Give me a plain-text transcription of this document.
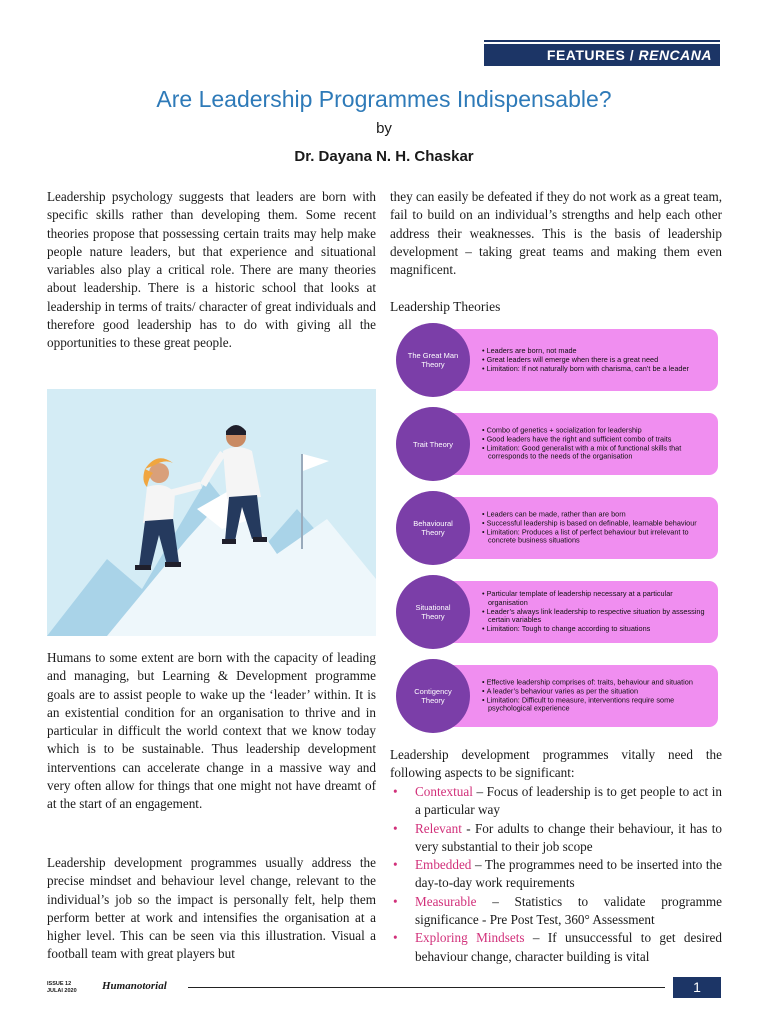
FEATURES / RENCANA
Are Leadership Programmes Indispensable?
by
Dr. Dayana N. H. Chaskar

Leadership psychology suggests that leaders are born with specific skills rather than developing them. Some recent theories propose that possessing certain traits may help make people nature leaders, but that experience and situational variables also play a critical role. There are many theories about leadership. There is a historic school that looks at leadership in terms of traits/ character of great individuals and therefore good leadership has to do with giving all the opportunities to these great people.

Humans to some extent are born with the capacity of leading and managing, but Learning & Development programme goals are to assist people to wake up the ‘leader’ within. It is an existential condition for an organisation to thrive and in particular in difficult the world context that we know today which is to be sustainable. Thus leadership development interventions can accelerate change in a massive way and very often allow for things that one might not have dreamt of at the start of an engagement.

Leadership development programmes usually address the precise mindset and behaviour level change, relevant to the individual’s job so the impact is personally felt, help them perform better at work and intensifies the organisation at a higher level. This can be seen via this illustration. Visual a football team with great players but

they can easily be defeated if they do not work as a great team, fail to build on an individual’s strengths and help each other address their weaknesses. This is the basis of leadership development – taking great teams and making them even magnificent.

Leadership Theories
The Great Man Theory
• Leaders are born, not made
• Great leaders will emerge when there is a great need
• Limitation: If not naturally born with charisma, can’t be a leader
Trait Theory
• Combo of genetics + socialization for leadership
• Good leaders have the right and sufficient combo of traits
• Limitation: Good generalist with a mix of functional skills that corresponds to the needs of the organisation
Behavioural Theory
• Leaders can be made, rather than are born
• Successful leadership is based on definable, learnable behaviour
• Limitation: Produces a list of perfect behaviour but irrelevant to concrete business situations
Situational Theory
• Particular template of leadership necessary at a particular organisation
• Leader’s always link leadership to respective situation by assessing certain variables
• Limitation: Tough to change according to situations
Contigency Theory
• Effective leadership comprises of: traits, behaviour and situation
• A leader’s behaviour varies as per the situation
• Limitation: Difficult to measure, interventions require some psychological experience

Leadership development programmes vitally need the following aspects to be significant:

• Contextual – Focus of leadership is to get people to act in a particular way
• Relevant - For adults to change their behaviour, it has to very substantial to their job scope
• Embedded – The programmes need to be inserted into the day-to-day work requirements
• Measurable – Statistics to validate programme significance - Pre Post Test, 360° Assessment
• Exploring Mindsets – If unsuccessful to get desired behaviour change, character building is vital
ISSUE 12
JULAI 2020 Humanotorial	1
